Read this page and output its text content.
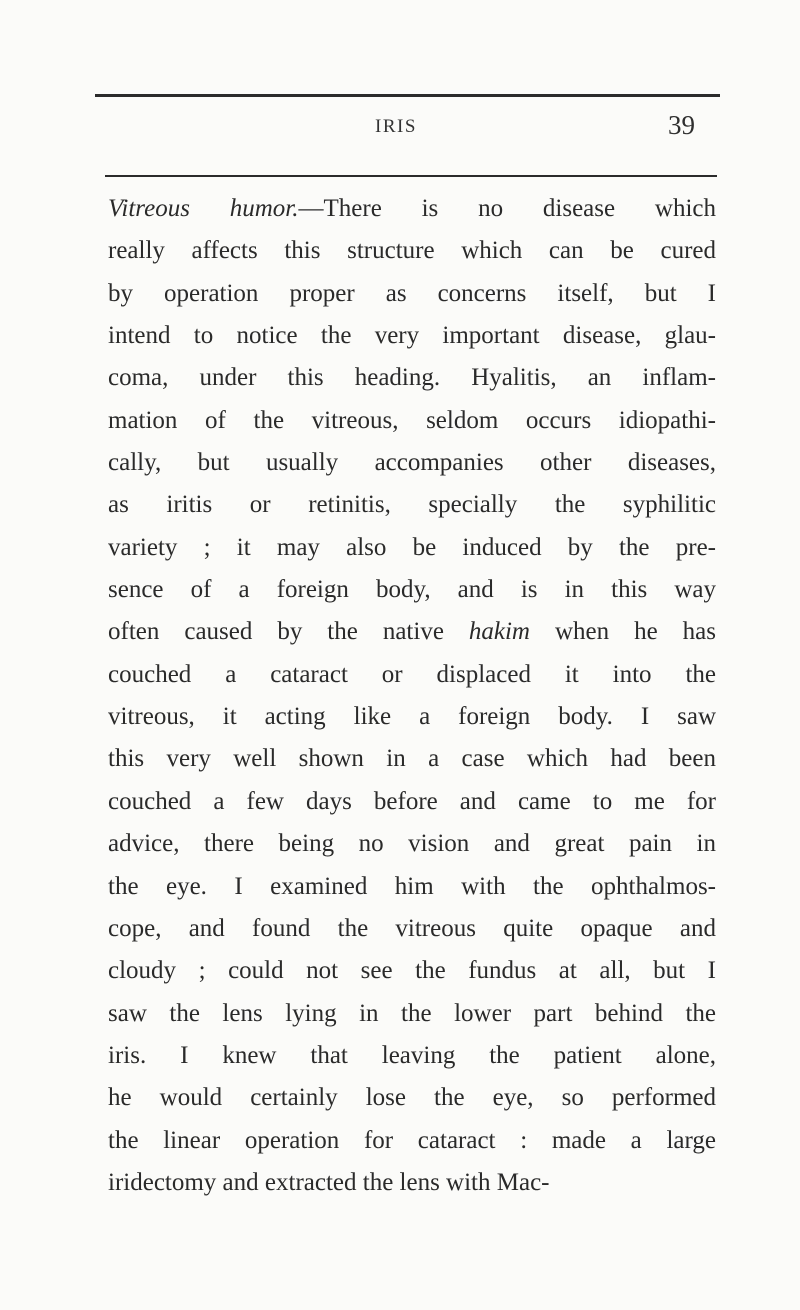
IRIS	39
Vitreous humor.—There is no disease which
really affects this structure which can be cured
by operation proper as concerns itself, but I
intend to notice the very important disease, glau-
coma, under this heading. Hyalitis, an inflam-
mation of the vitreous, seldom occurs idiopathi-
cally, but usually accompanies other diseases,
as iritis or retinitis, specially the syphilitic
variety ; it may also be induced by the pre-
sence of a foreign body, and is in this way
often caused by the native hakim when he has
couched a cataract or displaced it into the
vitreous, it acting like a foreign body. I saw
this very well shown in a case which had been
couched a few days before and came to me for
advice, there being no vision and great pain in
the eye. I examined him with the ophthalmos-
cope, and found the vitreous quite opaque and
cloudy ; could not see the fundus at all, but I
saw the lens lying in the lower part behind the
iris. I knew that leaving the patient alone,
he would certainly lose the eye, so performed
the linear operation for cataract : made a large
iridectomy and extracted the lens with Mac-
